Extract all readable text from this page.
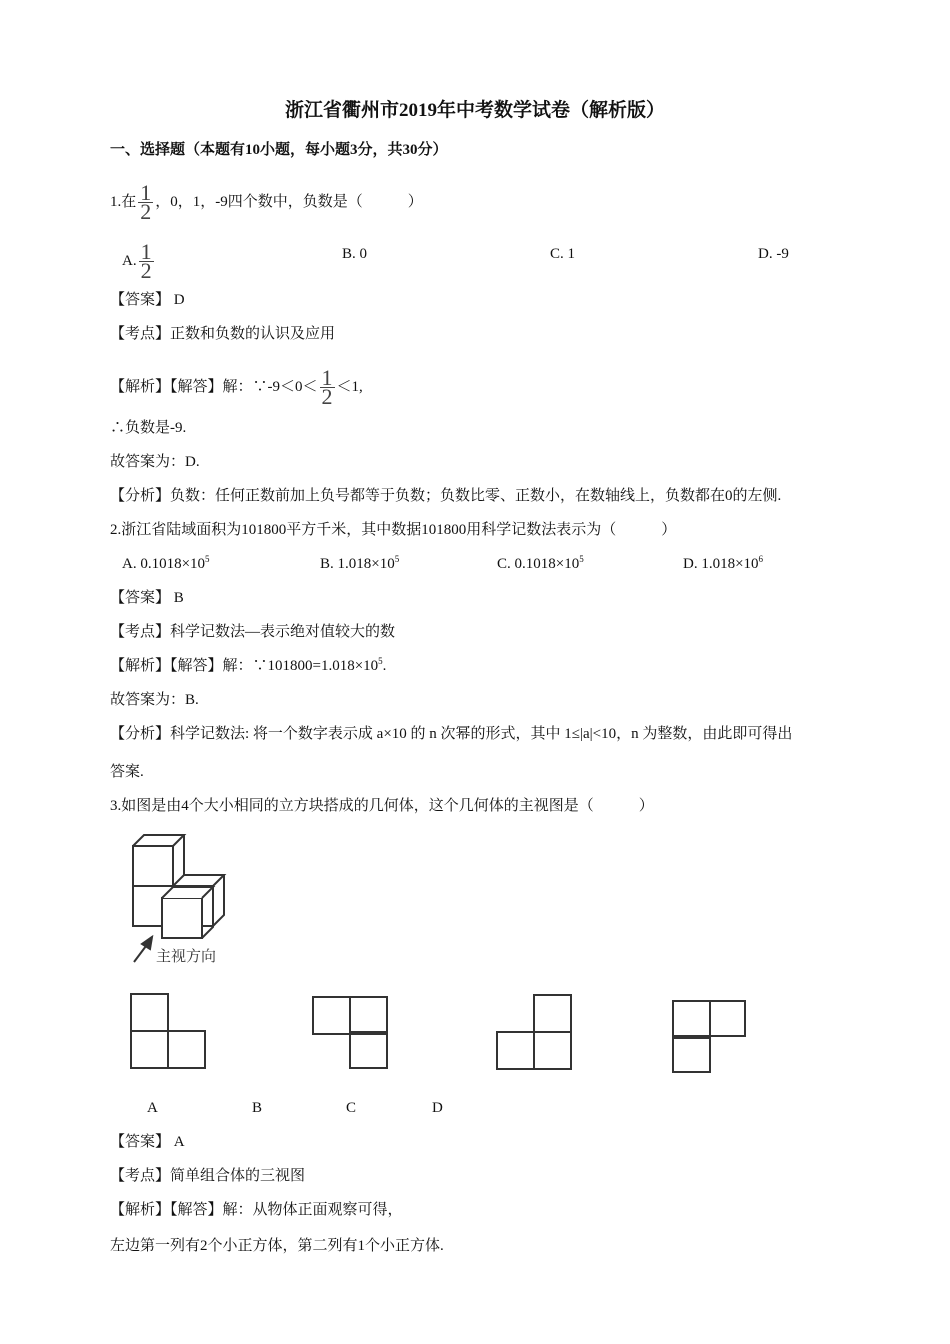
浙江省衢州市2019年中考数学试卷（解析版）
一、选择题（本题有10小题，每小题3分，共30分）
1.在 $\frac{1}{2}$ ，0，1，-9四个数中，负数是（　　　）
A. $\frac{1}{2}$	B. 0	C. 1	D. -9
【答案】 D
【考点】正数和负数的认识及应用
【解析】【解答】解：∵-9＜0＜ $\frac{1}{2} <1$,
∴负数是-9.
故答案为：D.
【分析】负数：任何正数前加上负号都等于负数；负数比零、正数小，在数轴线上，负数都在0的左侧.
2.浙江省陆域面积为101800平方千米，其中数据101800用科学记数法表示为（　　　）
A. $0.1018\times 10^5$	B. $1.018\times 10^5$	C. $0.1018\times 10^5$	D. $1.018\times 10^6$
【答案】 B
【考点】科学记数法—表示绝对值较大的数
【解析】【解答】解：$\because 101800=1.018\times 10^5$.
故答案为：B.
【分析】科学记数法: 将一个数字表示成 a×10 的 n 次幂的形式，其中 1≤|a|<10，n 为整数，由此即可得出
答案.
3.如图是由4个大小相同的立方块搭成的几何体，这个几何体的主视图是（　　　）
主视方向
A	B	C	D
【答案】 A
【考点】简单组合体的三视图
【解析】【解答】解：从物体正面观察可得，
左边第一列有2个小正方体，第二列有1个小正方体.
